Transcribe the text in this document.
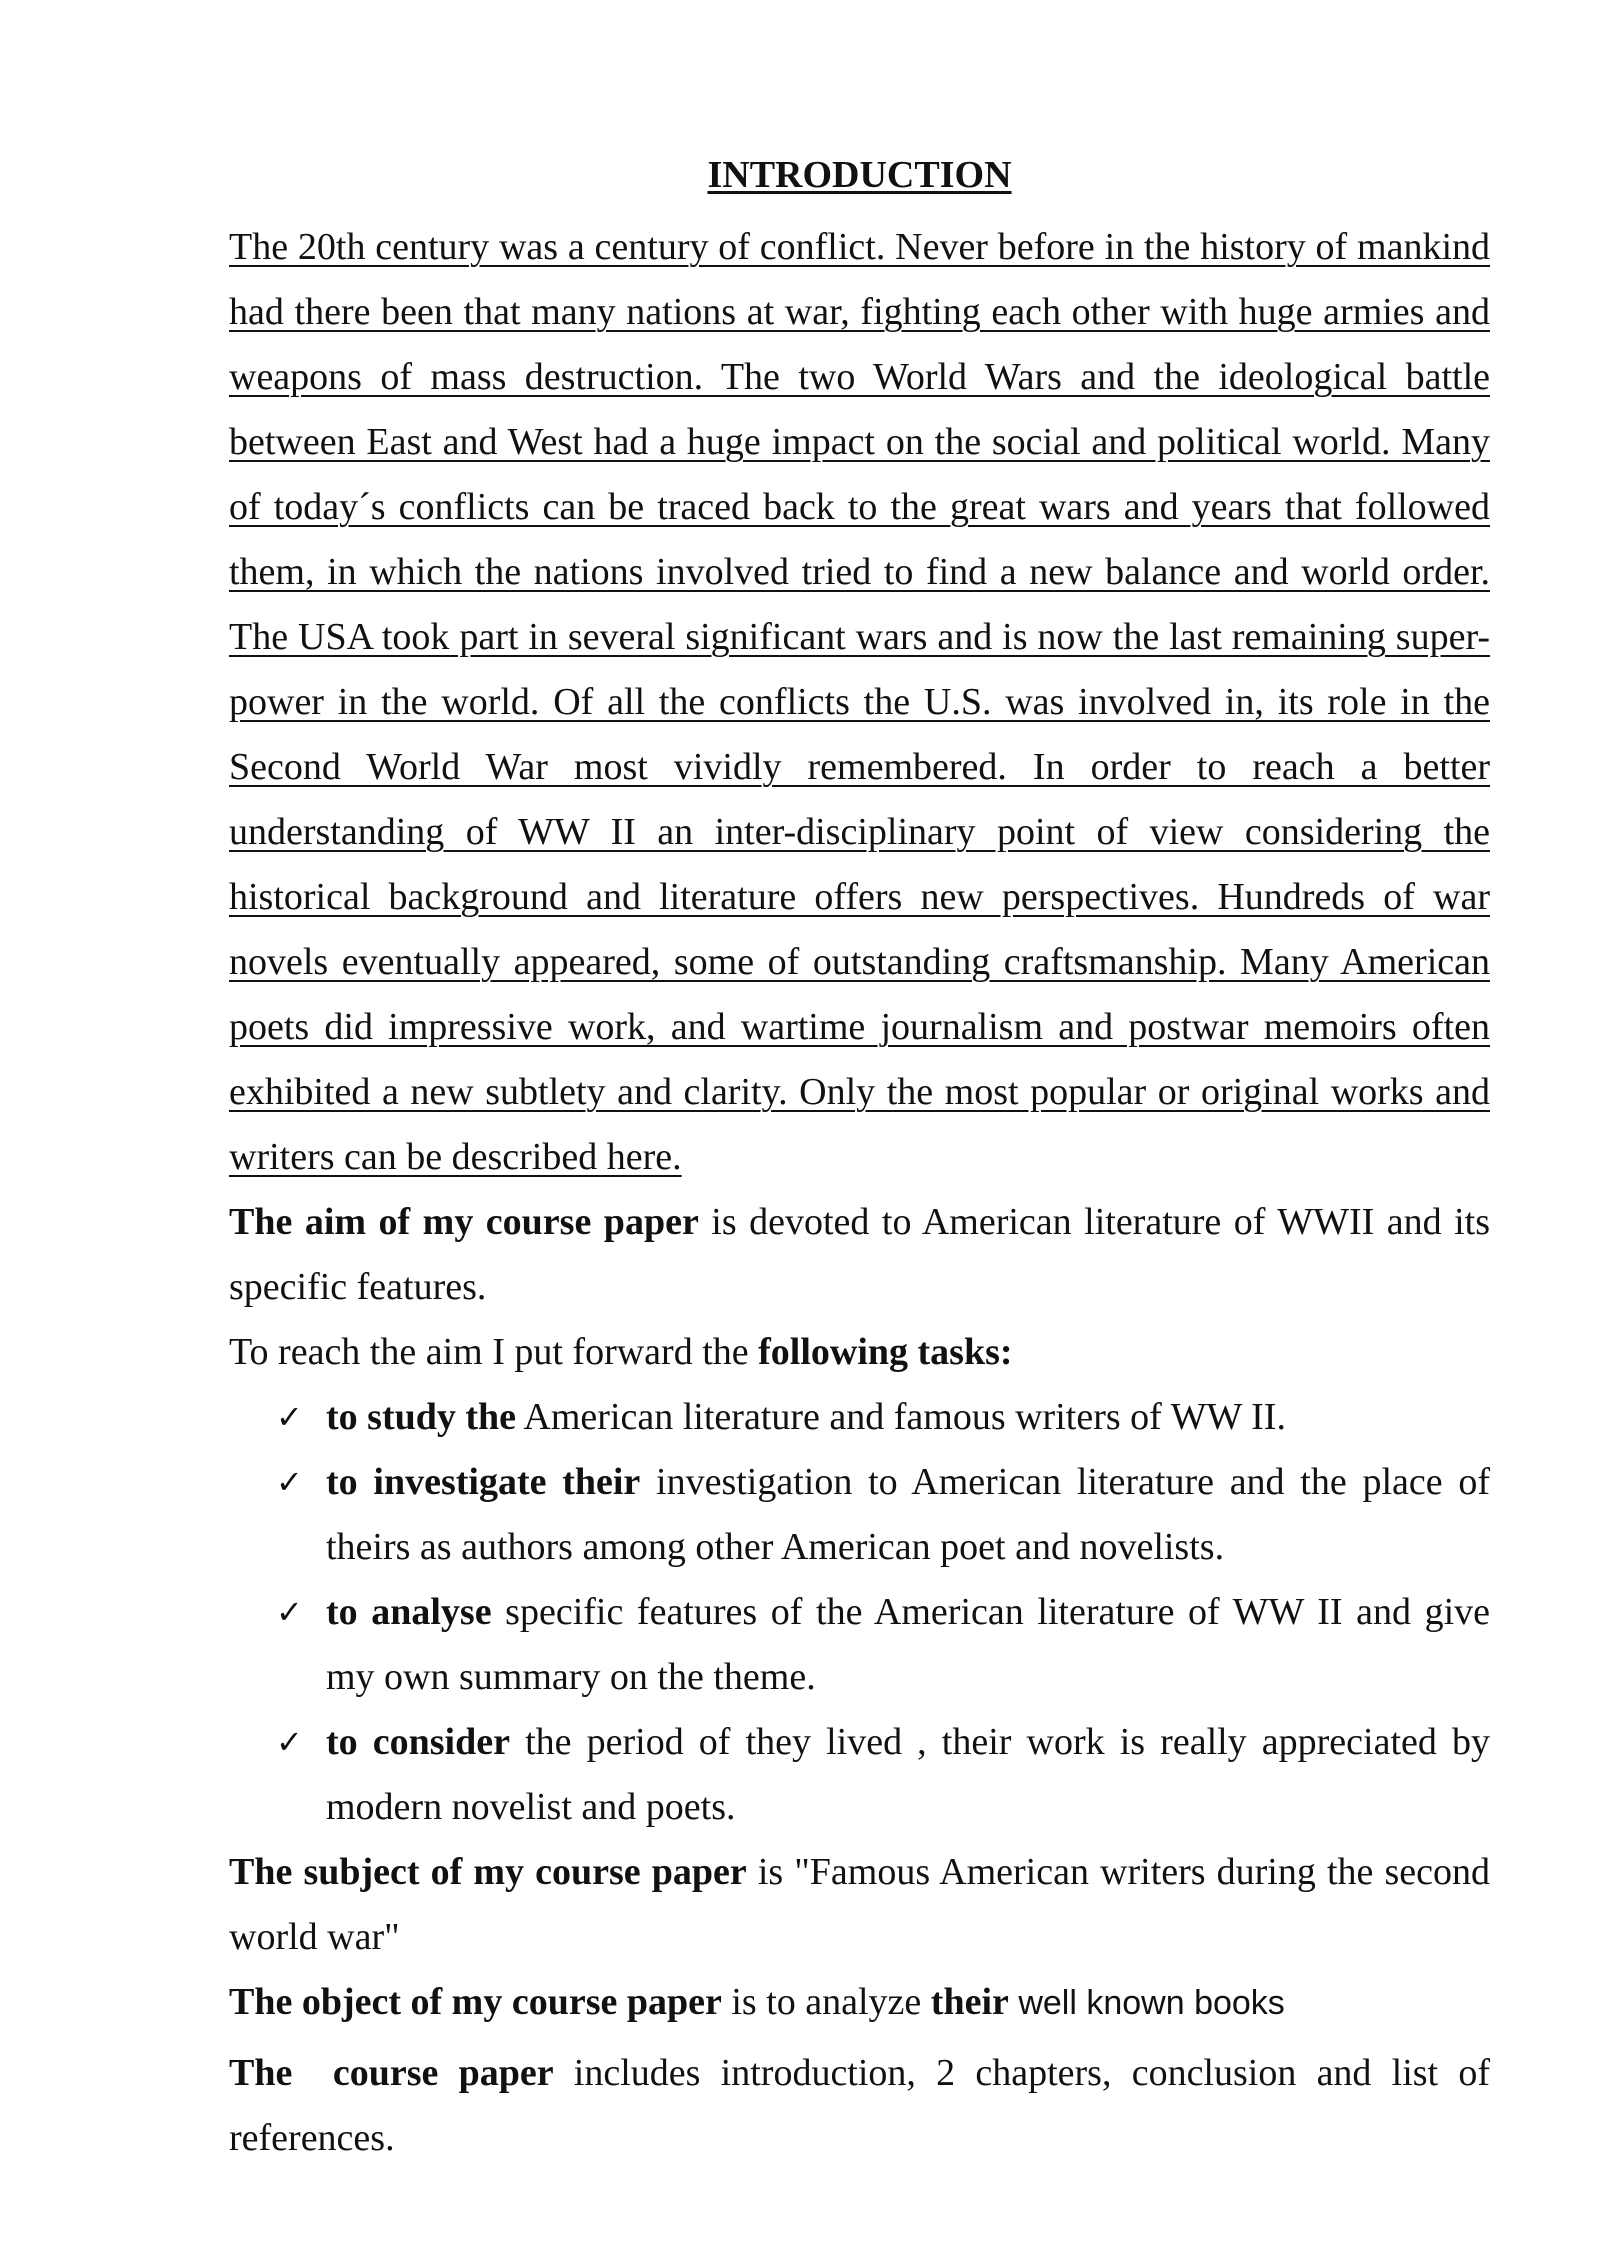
INTRODUCTION

The 20th century was a century of conflict. Never before in the history of mankind had there been that many nations at war, fighting each other with huge armies and weapons of mass destruction. The two World Wars and the ideological battle between East and West had a huge impact on the social and political world. Many of today´s conflicts can be traced back to the great wars and years that followed them, in which the nations involved tried to find a new balance and world order. The USA took part in several significant wars and is now the last remaining super-power in the world. Of all the conflicts the U.S. was involved in, its role in the Second World War most vividly remembered. In order to reach a better understanding of WW II an inter-disciplinary point of view considering the historical background and literature offers new perspectives. Hundreds of war novels eventually appeared, some of outstanding craftsmanship. Many American poets did impressive work, and wartime journalism and postwar memoirs often exhibited a new subtlety and clarity. Only the most popular or original works and writers can be described here.

The aim of my course paper is devoted to American literature of WWII and its specific features.

To reach the aim I put forward the following tasks:

✓ to study the American literature and famous writers of WW II.
✓ to investigate their investigation to American literature and the place of theirs as authors among other American poet and novelists.
✓ to analyse specific features of the American literature of WW II and give my own summary on the theme.
✓ to consider the period of they lived , their work is really appreciated by modern novelist and poets.

The subject of my course paper is "Famous American writers during the second world war"

The object of my course paper is to analyze their well known books

The course paper includes introduction, 2 chapters, conclusion and list of references.
